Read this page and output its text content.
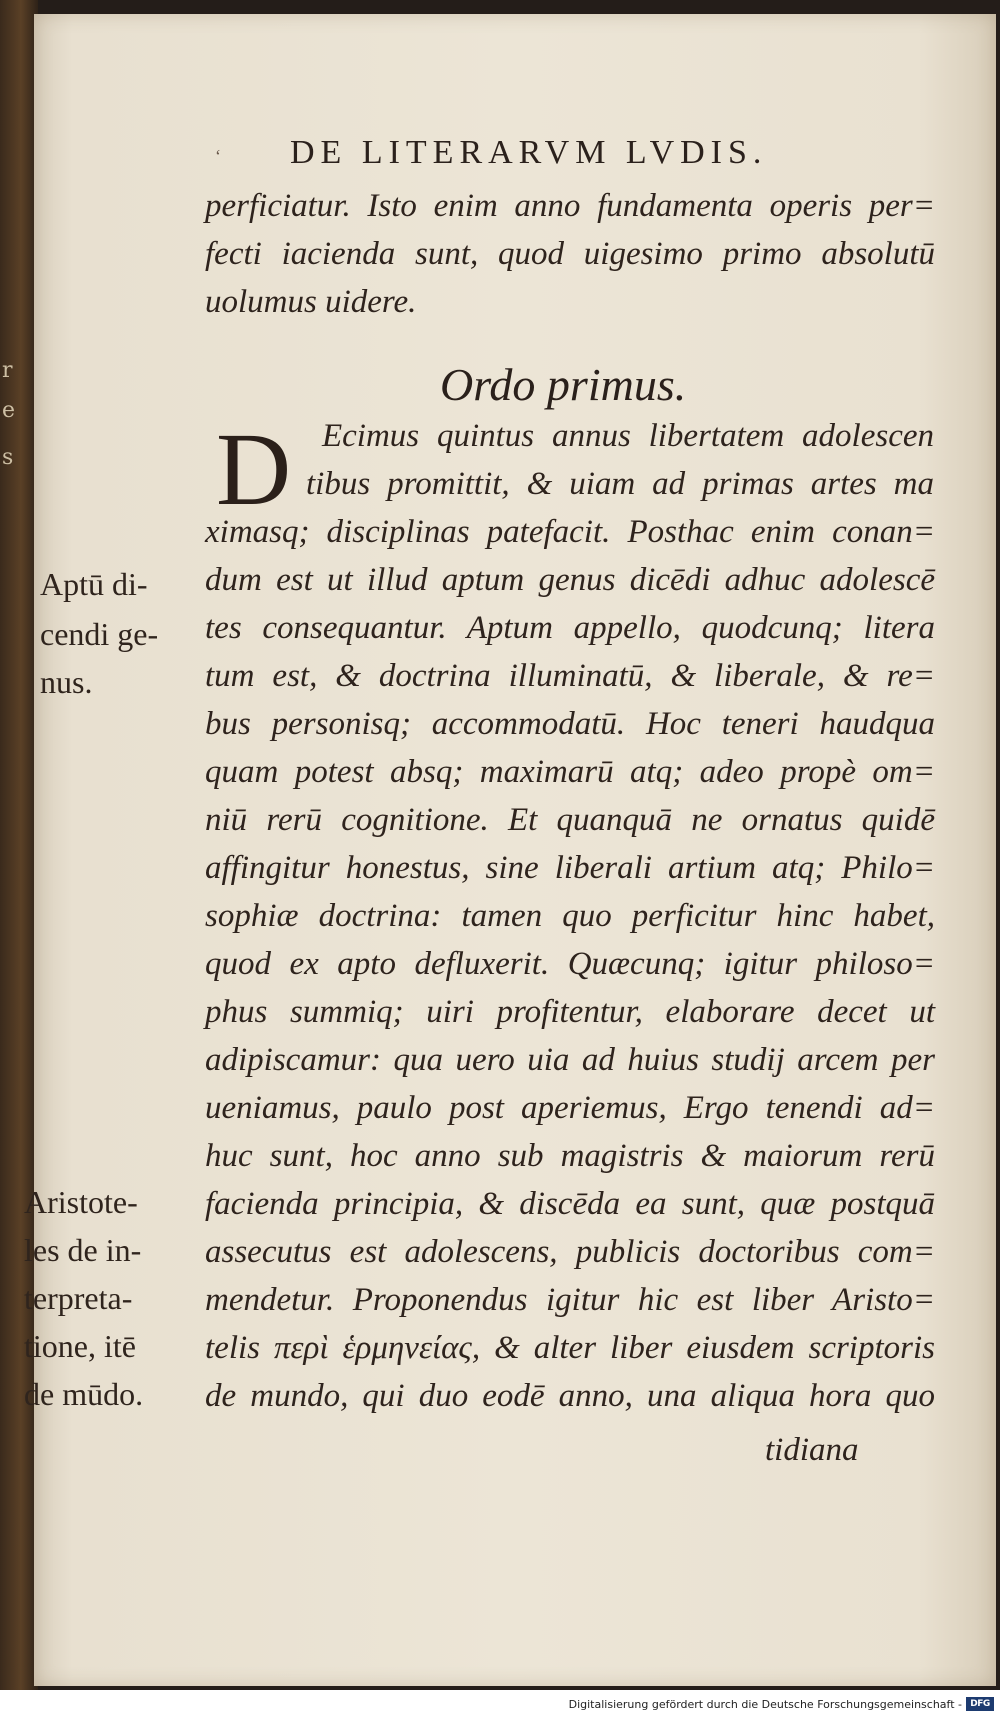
r
e
s
‘ DE LITERARVM LVDIS.
perficiatur. Isto enim anno fundamenta operis per=
fecti iacienda sunt, quod uigesimo primo absolutū
uolumus uidere.
Ordo primus.
D Ecimus quintus annus libertatem adolescen
tibus promittit, & uiam ad primas artes ma
ximasq; disciplinas patefacit. Posthac enim conan=
dum est ut illud aptum genus dicēdi adhuc adolescē
tes consequantur. Aptum appello, quodcunq; litera
tum est, & doctrina illuminatū, & liberale, & re=
bus personisq; accommodatū. Hoc teneri haudqua
quam potest absq; maximarū atq; adeo propè om=
niū rerū cognitione. Et quanquā ne ornatus quidē
affingitur honestus, sine liberali artium atq; Philo=
sophiæ doctrina: tamen quo perficitur hinc habet,
quod ex apto defluxerit. Quæcunq; igitur philoso=
phus summiq; uiri profitentur, elaborare decet ut
adipiscamur: qua uero uia ad huius studij arcem per
ueniamus, paulo post aperiemus, Ergo tenendi ad=
huc sunt, hoc anno sub magistris & maiorum rerū
facienda principia, & discēda ea sunt, quæ postquā
assecutus est adolescens, publicis doctoribus com=
mendetur. Proponendus igitur hic est liber Aristo=
telis περὶ ἑρμηνείας, & alter liber eiusdem scriptoris
de mundo, qui duo eodē anno, una aliqua hora quo
tidiana
Aptū di-
cendi ge-
nus.
Aristote-
les de in-
terpreta-
tione, itē
de mūdo.
Digitalisierung gefördert durch die Deutsche Forschungsgemeinschaft - DFG
